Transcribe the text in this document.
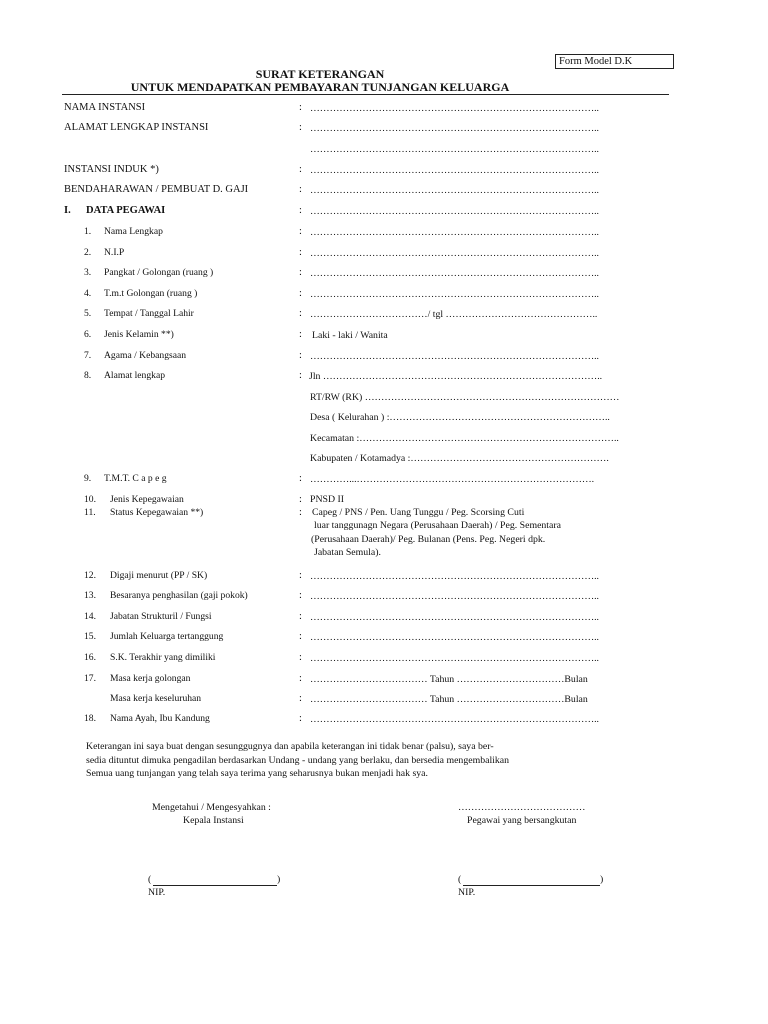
Form Model D.K
SURAT KETERANGAN
UNTUK MENDAPATKAN PEMBAYARAN TUNJANGAN KELUARGA
NAMA INSTANSI	: ……………………………………………………………………………..
ALAMAT LENGKAP INSTANSI	: ……………………………………………………………………………..
……………………………………………………………………………..
INSTANSI INDUK *)	: ……………………………………………………………………………..
BENDAHARAWAN / PEMBUAT D. GAJI	: ……………………………………………………………………………..
I. DATA PEGAWAI	: ……………………………………………………………………………..
1. Nama Lengkap	: ……………………………………………………………………………..
2. N.I.P	: ……………………………………………………………………………..
3. Pangkat / Golongan (ruang )	: ……………………………………………………………………………..
4. T.m.t Golongan (ruang )	: ……………………………………………………………………………..
5. Tempat / Tanggal Lahir	: ………………………………/ tgl ………………………………………..
6. Jenis Kelamin **)	: Laki - laki / Wanita
7. Agama / Kebangsaan	: ……………………………………………………………………………..
8. Alamat lengkap	: Jln …………………………………………………………………………..
RT/RW (RK) ……………………………………………………………………
Desa ( Kelurahan ) :…………………………………………………………..
Kecamatan :……………………………………………………………………..
Kabupaten / Kotamadya :…………………………………………………….
9. T.M.T. C a p e g	: …………...……………………………………………………………….
10. Jenis Kepegawaian	: PNSD II
11. Status Kepegawaian **)	: Capeg / PNS / Pen. Uang Tunggu / Peg. Scorsing Cuti
luar tanggunagn Negara (Perusahaan Daerah) / Peg. Sementara
(Perusahaan Daerah)/ Peg. Bulanan (Pens. Peg. Negeri dpk.
Jabatan Semula).
12. Digaji menurut (PP / SK)	: ……………………………………………………………………………..
13. Besaranya penghasilan (gaji pokok)	: ……………………………………………………………………………..
14. Jabatan Strukturil / Fungsi	: ……………………………………………………………………………..
15. Jumlah Keluarga tertanggung	: ……………………………………………………………………………..
16. S.K. Terakhir yang dimiliki	: ……………………………………………………………………………..
17. Masa kerja golongan	: ……………………………… Tahun ……………………………Bulan
Masa kerja keseluruhan	: ……………………………… Tahun ……………………………Bulan
18. Nama Ayah, Ibu Kandung	: ……………………………………………………………………………..
Keterangan ini saya buat dengan sesunggugnya dan apabila keterangan ini tidak benar (palsu), saya ber-
sedia dituntut dimuka pengadilan berdasarkan Undang - undang yang berlaku, dan bersedia mengembalikan
Semua uang tunjangan yang telah saya terima yang seharusnya bukan menjadi hak sya.
Mengetahui / Mengesyahkan :
Kepala Instansi
…………………………………
Pegawai yang bersangkutan
(	)
NIP.
(	)
NIP.
